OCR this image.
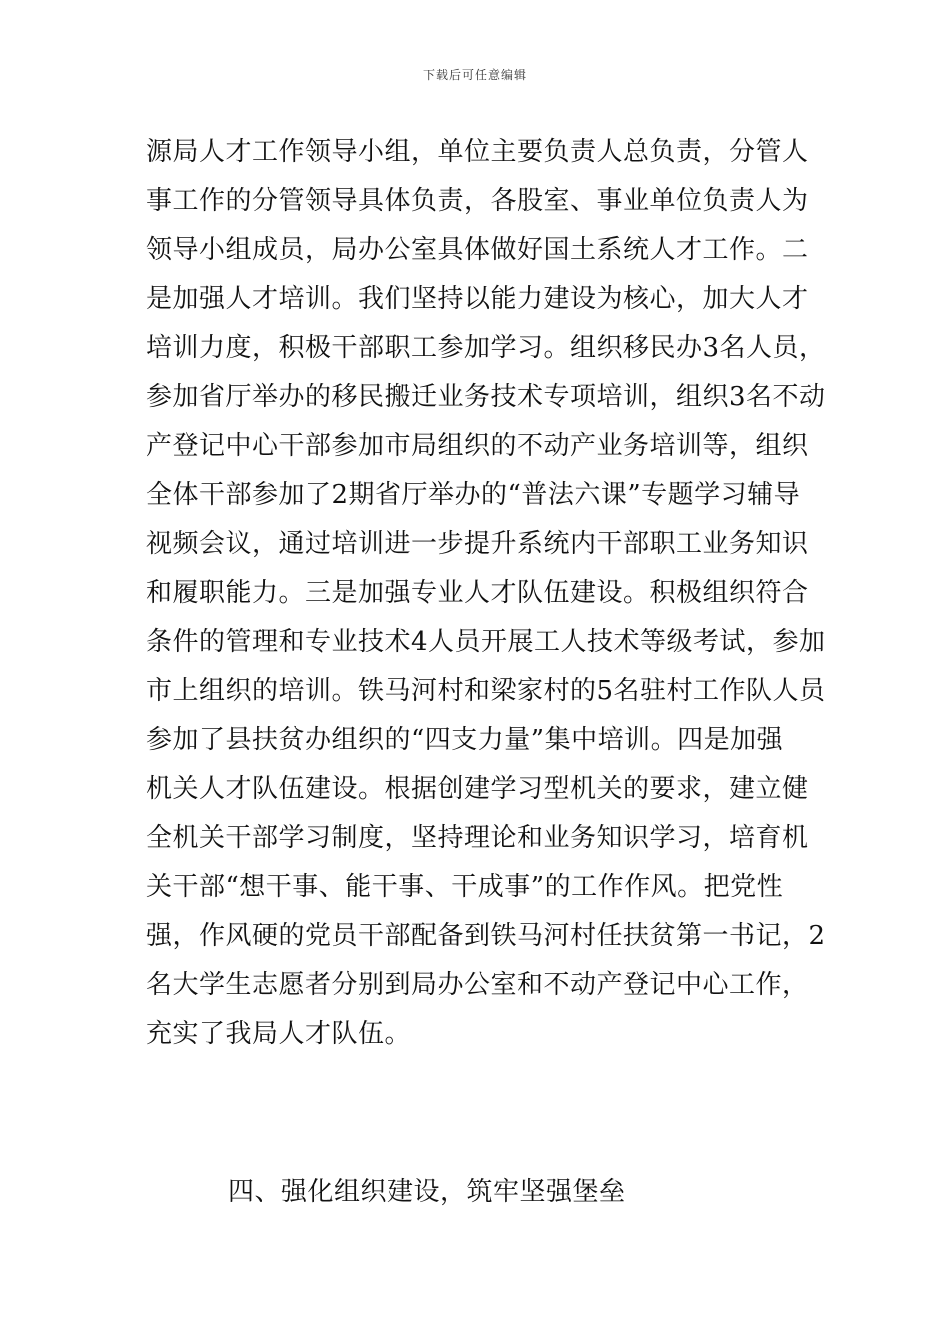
下载后可任意编辑
源局人才工作领导小组，单位主要负责人总负责，分管人
事工作的分管领导具体负责，各股室、事业单位负责人为
领导小组成员，局办公室具体做好国土系统人才工作。二
是加强人才培训。我们坚持以能力建设为核心，加大人才
培训力度，积极干部职工参加学习。组织移民办3名人员，
参加省厅举办的移民搬迁业务技术专项培训，组织3名不动
产登记中心干部参加市局组织的不动产业务培训等，组织
全体干部参加了2期省厅举办的“普法六课”专题学习辅导
视频会议，通过培训进一步提升系统内干部职工业务知识
和履职能力。三是加强专业人才队伍建设。积极组织符合
条件的管理和专业技术4人员开展工人技术等级考试，参加
市上组织的培训。铁马河村和梁家村的5名驻村工作队人员
参加了县扶贫办组织的“四支力量”集中培训。四是加强
机关人才队伍建设。根据创建学习型机关的要求，建立健
全机关干部学习制度，坚持理论和业务知识学习，培育机
关干部“想干事、能干事、干成事”的工作作风。把党性
强，作风硬的党员干部配备到铁马河村任扶贫第一书记，2
名大学生志愿者分别到局办公室和不动产登记中心工作，
充实了我局人才队伍。
四、强化组织建设，筑牢坚强堡垒
